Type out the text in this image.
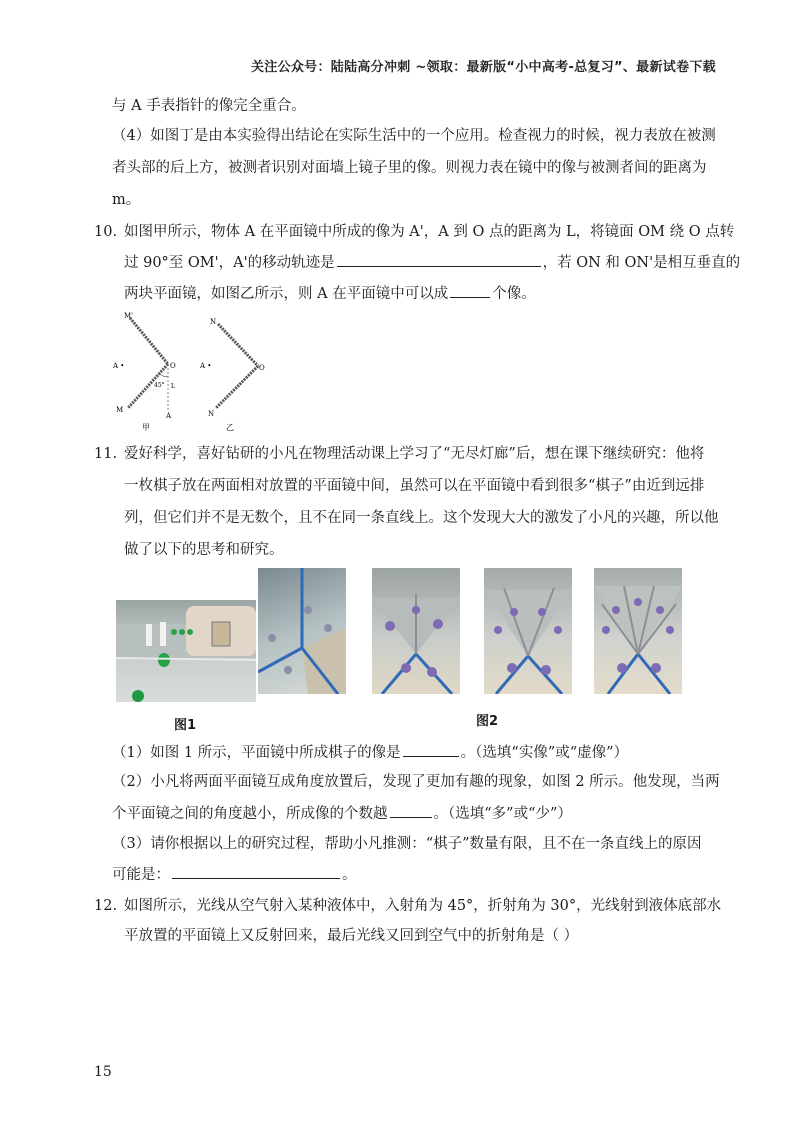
关注公众号：陆陆高分冲刺 ~领取：最新版“小中高考-总复习”、最新试卷下载
与 A 手表指针的像完全重合。
（4）如图丁是由本实验得出结论在实际生活中的一个应用。检查视力的时候，视力表放在被测
者头部的后上方，被测者识别对面墙上镜子里的像。则视力表在镜中的像与被测者间的距离为
m。
10. 如图甲所示，物体 A 在平面镜中所成的像为 A'，A 到 O 点的距离为 L，将镜面 OM 绕 O 点转
过 90°至 OM'，A'的移动轨迹是	，若 ON 和 ON'是相互垂直的
两块平面镜，如图乙所示，则 A 在平面镜中可以成	个像。
M'
A •	O
45° L
M
A
甲
N
A •	O
N
乙
11. 爱好科学，喜好钻研的小凡在物理活动课上学习了“无尽灯廊”后，想在课下继续研究：他将
一枚棋子放在两面相对放置的平面镜中间，虽然可以在平面镜中看到很多“棋子”由近到远排
列，但它们并不是无数个，且不在同一条直线上。这个发现大大的激发了小凡的兴趣，所以他
做了以下的思考和研究。
图1	图2
（1）如图 1 所示，平面镜中所成棋子的像是	。（选填“实像”或“虚像”）
（2）小凡将两面平面镜互成角度放置后，发现了更加有趣的现象，如图 2 所示。他发现，当两
个平面镜之间的角度越小，所成像的个数越	。（选填“多”或“少”）
（3）请你根据以上的研究过程，帮助小凡推测：“棋子”数量有限，且不在一条直线上的原因
可能是：	。
12. 如图所示，光线从空气射入某种液体中，入射角为 45°，折射角为 30°，光线射到液体底部水
平放置的平面镜上又反射回来，最后光线又回到空气中的折射角是（ ）
15
